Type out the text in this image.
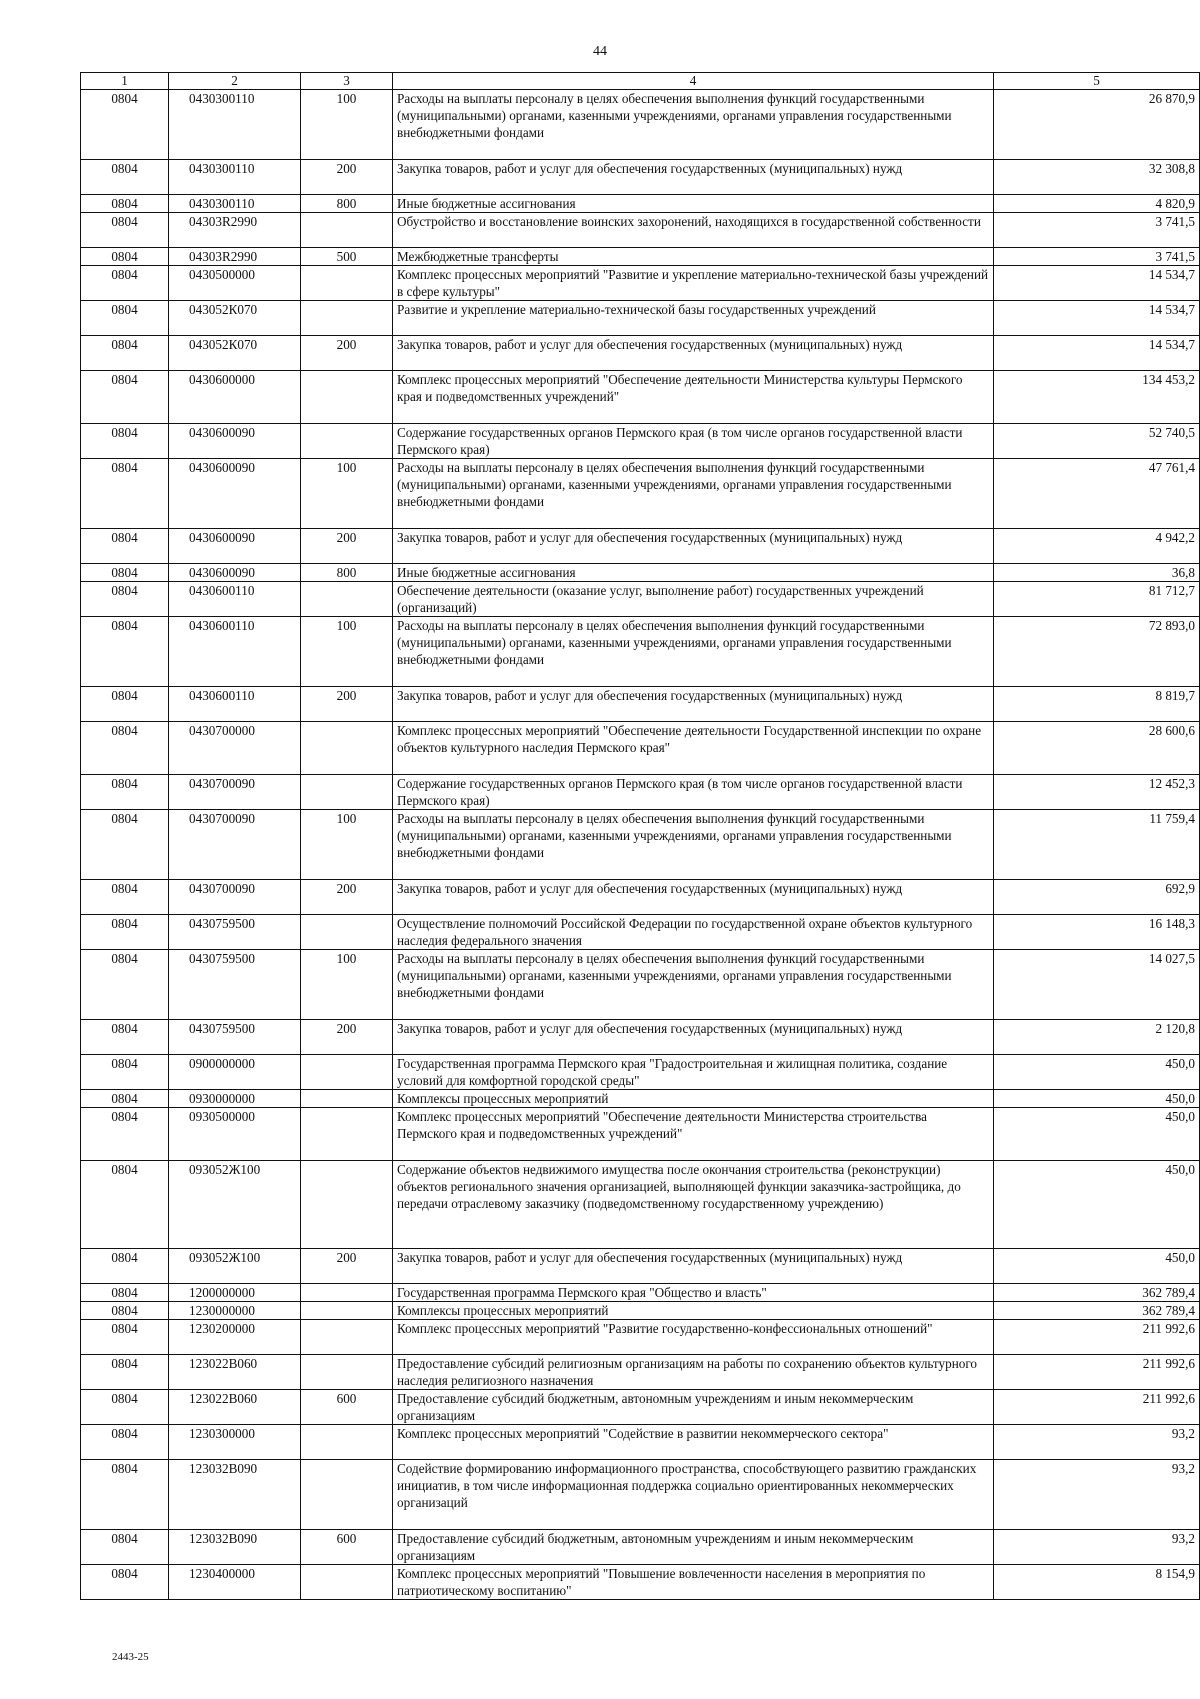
44
1	2	3	4	5
0804	0430300110	100	Расходы на выплаты персоналу в целях обеспечения выполнения функций государственными (муниципальными) органами, казенными учреждениями, органами управления государственными внебюджетными фондами	26 870,9
0804	0430300110	200	Закупка товаров, работ и услуг для обеспечения государственных (муниципальных) нужд	32 308,8
0804	0430300110	800	Иные бюджетные ассигнования	4 820,9
0804	04303R2990		Обустройство и восстановление воинских захоронений, находящихся в государственной собственности	3 741,5
0804	04303R2990	500	Межбюджетные трансферты	3 741,5
0804	0430500000		Комплекс процессных мероприятий "Развитие и укрепление материально-технической базы учреждений в сфере культуры"	14 534,7
0804	043052К070		Развитие и укрепление материально-технической базы государственных учреждений	14 534,7
0804	043052К070	200	Закупка товаров, работ и услуг для обеспечения государственных (муниципальных) нужд	14 534,7
0804	0430600000		Комплекс процессных мероприятий "Обеспечение деятельности Министерства культуры Пермского края и подведомственных учреждений"	134 453,2
0804	0430600090		Содержание государственных органов Пермского края (в том числе органов государственной власти Пермского края)	52 740,5
0804	0430600090	100	Расходы на выплаты персоналу в целях обеспечения выполнения функций государственными (муниципальными) органами, казенными учреждениями, органами управления государственными внебюджетными фондами	47 761,4
0804	0430600090	200	Закупка товаров, работ и услуг для обеспечения государственных (муниципальных) нужд	4 942,2
0804	0430600090	800	Иные бюджетные ассигнования	36,8
0804	0430600110		Обеспечение деятельности (оказание услуг, выполнение работ) государственных учреждений (организаций)	81 712,7
0804	0430600110	100	Расходы на выплаты персоналу в целях обеспечения выполнения функций государственными (муниципальными) органами, казенными учреждениями, органами управления государственными внебюджетными фондами	72 893,0
0804	0430600110	200	Закупка товаров, работ и услуг для обеспечения государственных (муниципальных) нужд	8 819,7
0804	0430700000		Комплекс процессных мероприятий "Обеспечение деятельности Государственной инспекции по охране объектов культурного наследия Пермского края"	28 600,6
0804	0430700090		Содержание государственных органов Пермского края (в том числе органов государственной власти Пермского края)	12 452,3
0804	0430700090	100	Расходы на выплаты персоналу в целях обеспечения выполнения функций государственными (муниципальными) органами, казенными учреждениями, органами управления государственными внебюджетными фондами	11 759,4
0804	0430700090	200	Закупка товаров, работ и услуг для обеспечения государственных (муниципальных) нужд	692,9
0804	0430759500		Осуществление полномочий Российской Федерации по государственной охране объектов культурного наследия федерального значения	16 148,3
0804	0430759500	100	Расходы на выплаты персоналу в целях обеспечения выполнения функций государственными (муниципальными) органами, казенными учреждениями, органами управления государственными внебюджетными фондами	14 027,5
0804	0430759500	200	Закупка товаров, работ и услуг для обеспечения государственных (муниципальных) нужд	2 120,8
0804	0900000000		Государственная программа Пермского края "Градостроительная и жилищная политика, создание условий для комфортной городской среды"	450,0
0804	0930000000		Комплексы процессных мероприятий	450,0
0804	0930500000		Комплекс процессных мероприятий "Обеспечение деятельности Министерства строительства Пермского края и подведомственных учреждений"	450,0
0804	093052Ж100		Содержание объектов недвижимого имущества после окончания строительства (реконструкции) объектов регионального значения организацией, выполняющей функции заказчика-застройщика, до передачи отраслевому заказчику (подведомственному государственному учреждению)	450,0
0804	093052Ж100	200	Закупка товаров, работ и услуг для обеспечения государственных (муниципальных) нужд	450,0
0804	1200000000		Государственная программа Пермского края "Общество и власть"	362 789,4
0804	1230000000		Комплексы процессных мероприятий	362 789,4
0804	1230200000		Комплекс процессных мероприятий "Развитие государственно-конфессиональных отношений"	211 992,6
0804	123022В060		Предоставление субсидий религиозным организациям на работы по сохранению объектов культурного наследия религиозного назначения	211 992,6
0804	123022В060	600	Предоставление субсидий бюджетным, автономным учреждениям и иным некоммерческим организациям	211 992,6
0804	1230300000		Комплекс процессных мероприятий "Содействие в развитии некоммерческого сектора"	93,2
0804	123032В090		Содействие формированию информационного пространства, способствующего развитию гражданских инициатив, в том числе информационная поддержка социально ориентированных некоммерческих организаций	93,2
0804	123032В090	600	Предоставление субсидий бюджетным, автономным учреждениям и иным некоммерческим организациям	93,2
0804	1230400000		Комплекс процессных мероприятий "Повышение вовлеченности населения в мероприятия по патриотическому воспитанию"	8 154,9
2443-25
